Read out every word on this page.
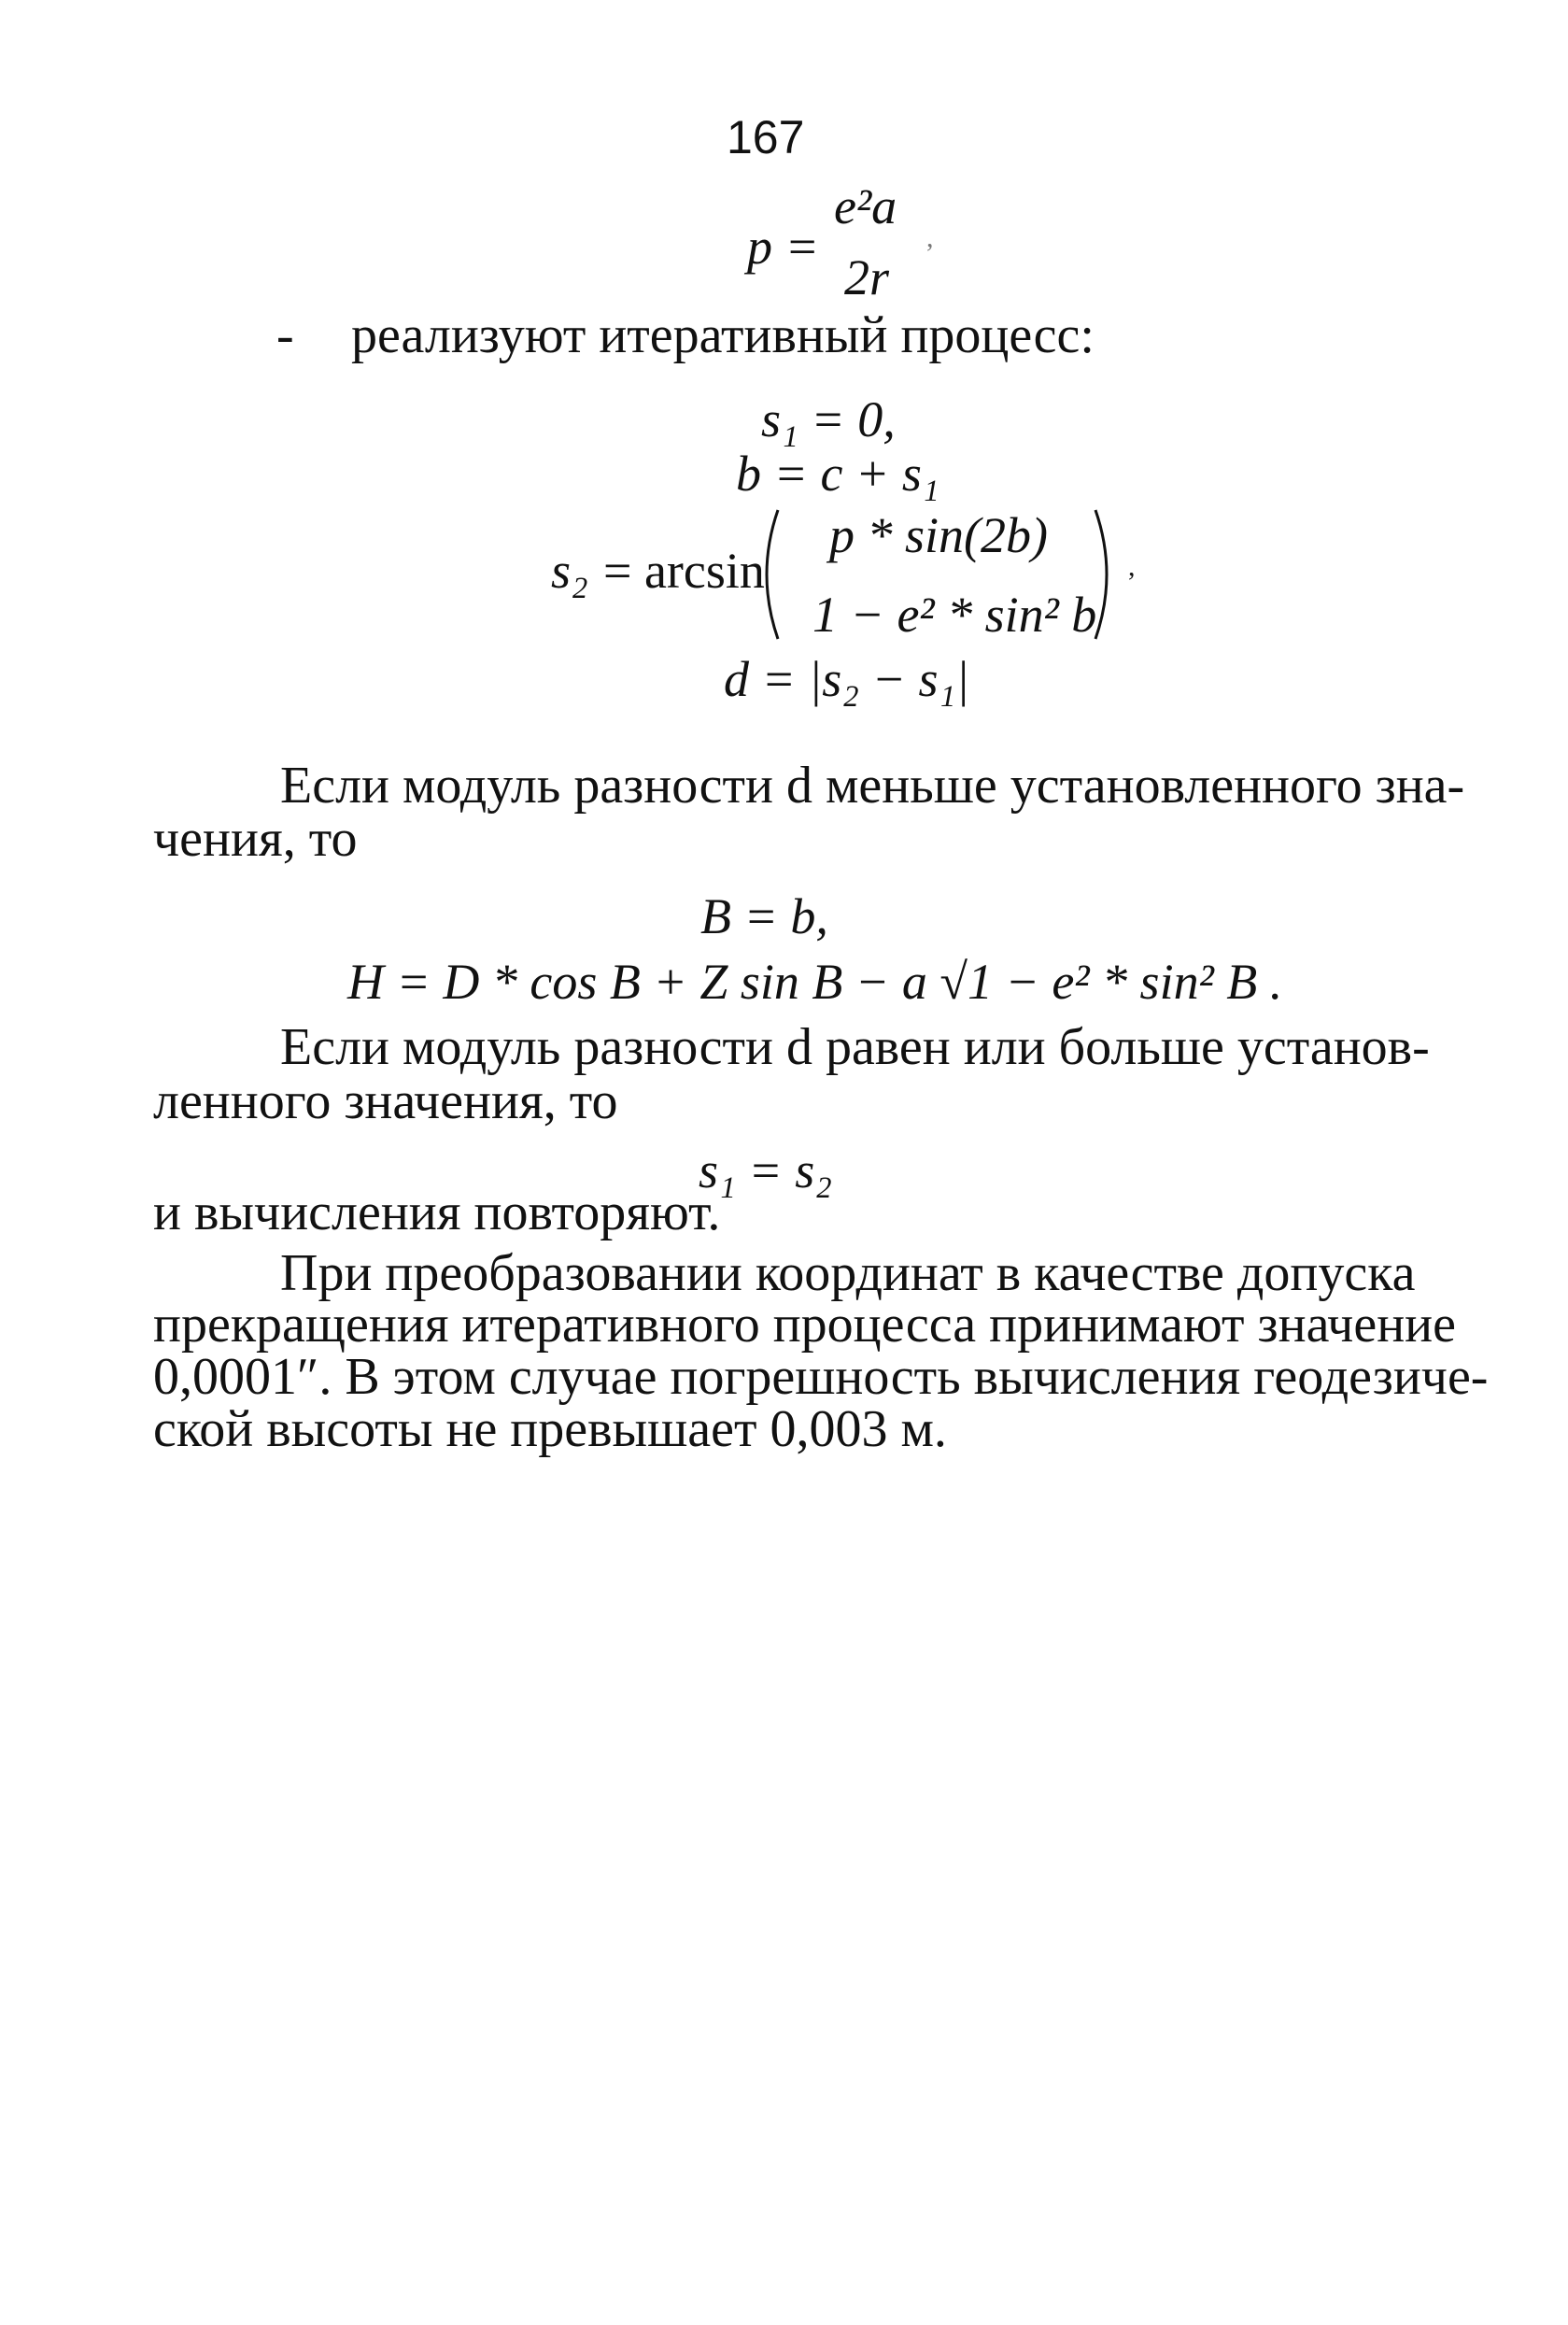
167
p =
e²a
2r
,
- реализуют итеративный процесс:
s₁ = 0,
b = c + s₁
s₂ = arcsin
p * sin(2b)
1 − e² * sin² b
,
d = |s₂ − s₁|
Если модуль разности d меньше установленного зна-
чения, то
B = b,
H = D * cos B + Z sin B − a √1 − e² * sin² B .
Если модуль разности d равен или больше установ-
ленного значения, то
s₁ = s₂
и вычисления повторяют.
При преобразовании координат в качестве допуска
прекращения итеративного процесса принимают значение
0,0001″. В этом случае погрешность вычисления геодезиче-
ской высоты не превышает 0,003 м.
